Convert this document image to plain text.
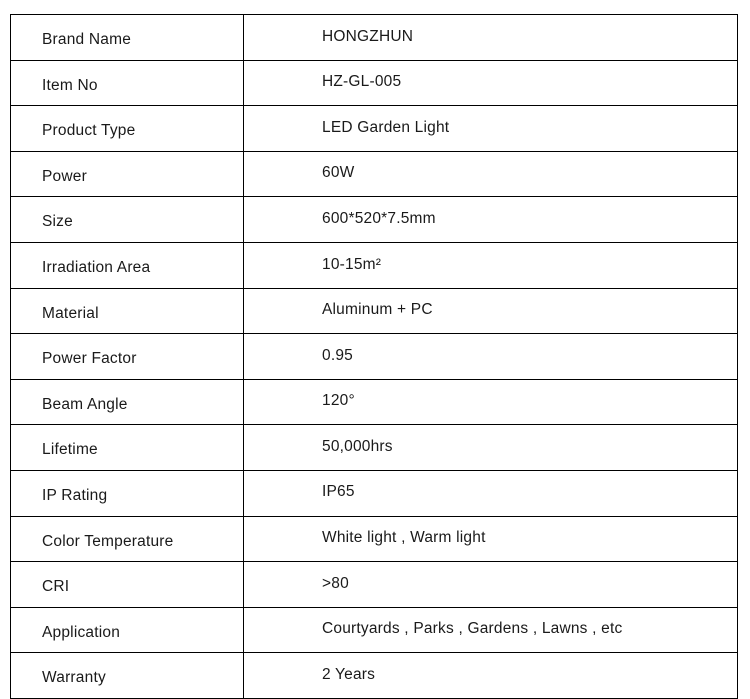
Brand Name	HONGZHUN
Item No	HZ-GL-005
Product Type	LED Garden Light
Power	60W
Size	600*520*7.5mm
Irradiation Area	10-15m²
Material	Aluminum + PC
Power Factor	0.95
Beam Angle	120°
Lifetime	50,000hrs
IP Rating	IP65
Color Temperature	White light , Warm light
CRI	>80
Application	Courtyards , Parks , Gardens , Lawns , etc
Warranty	2 Years
